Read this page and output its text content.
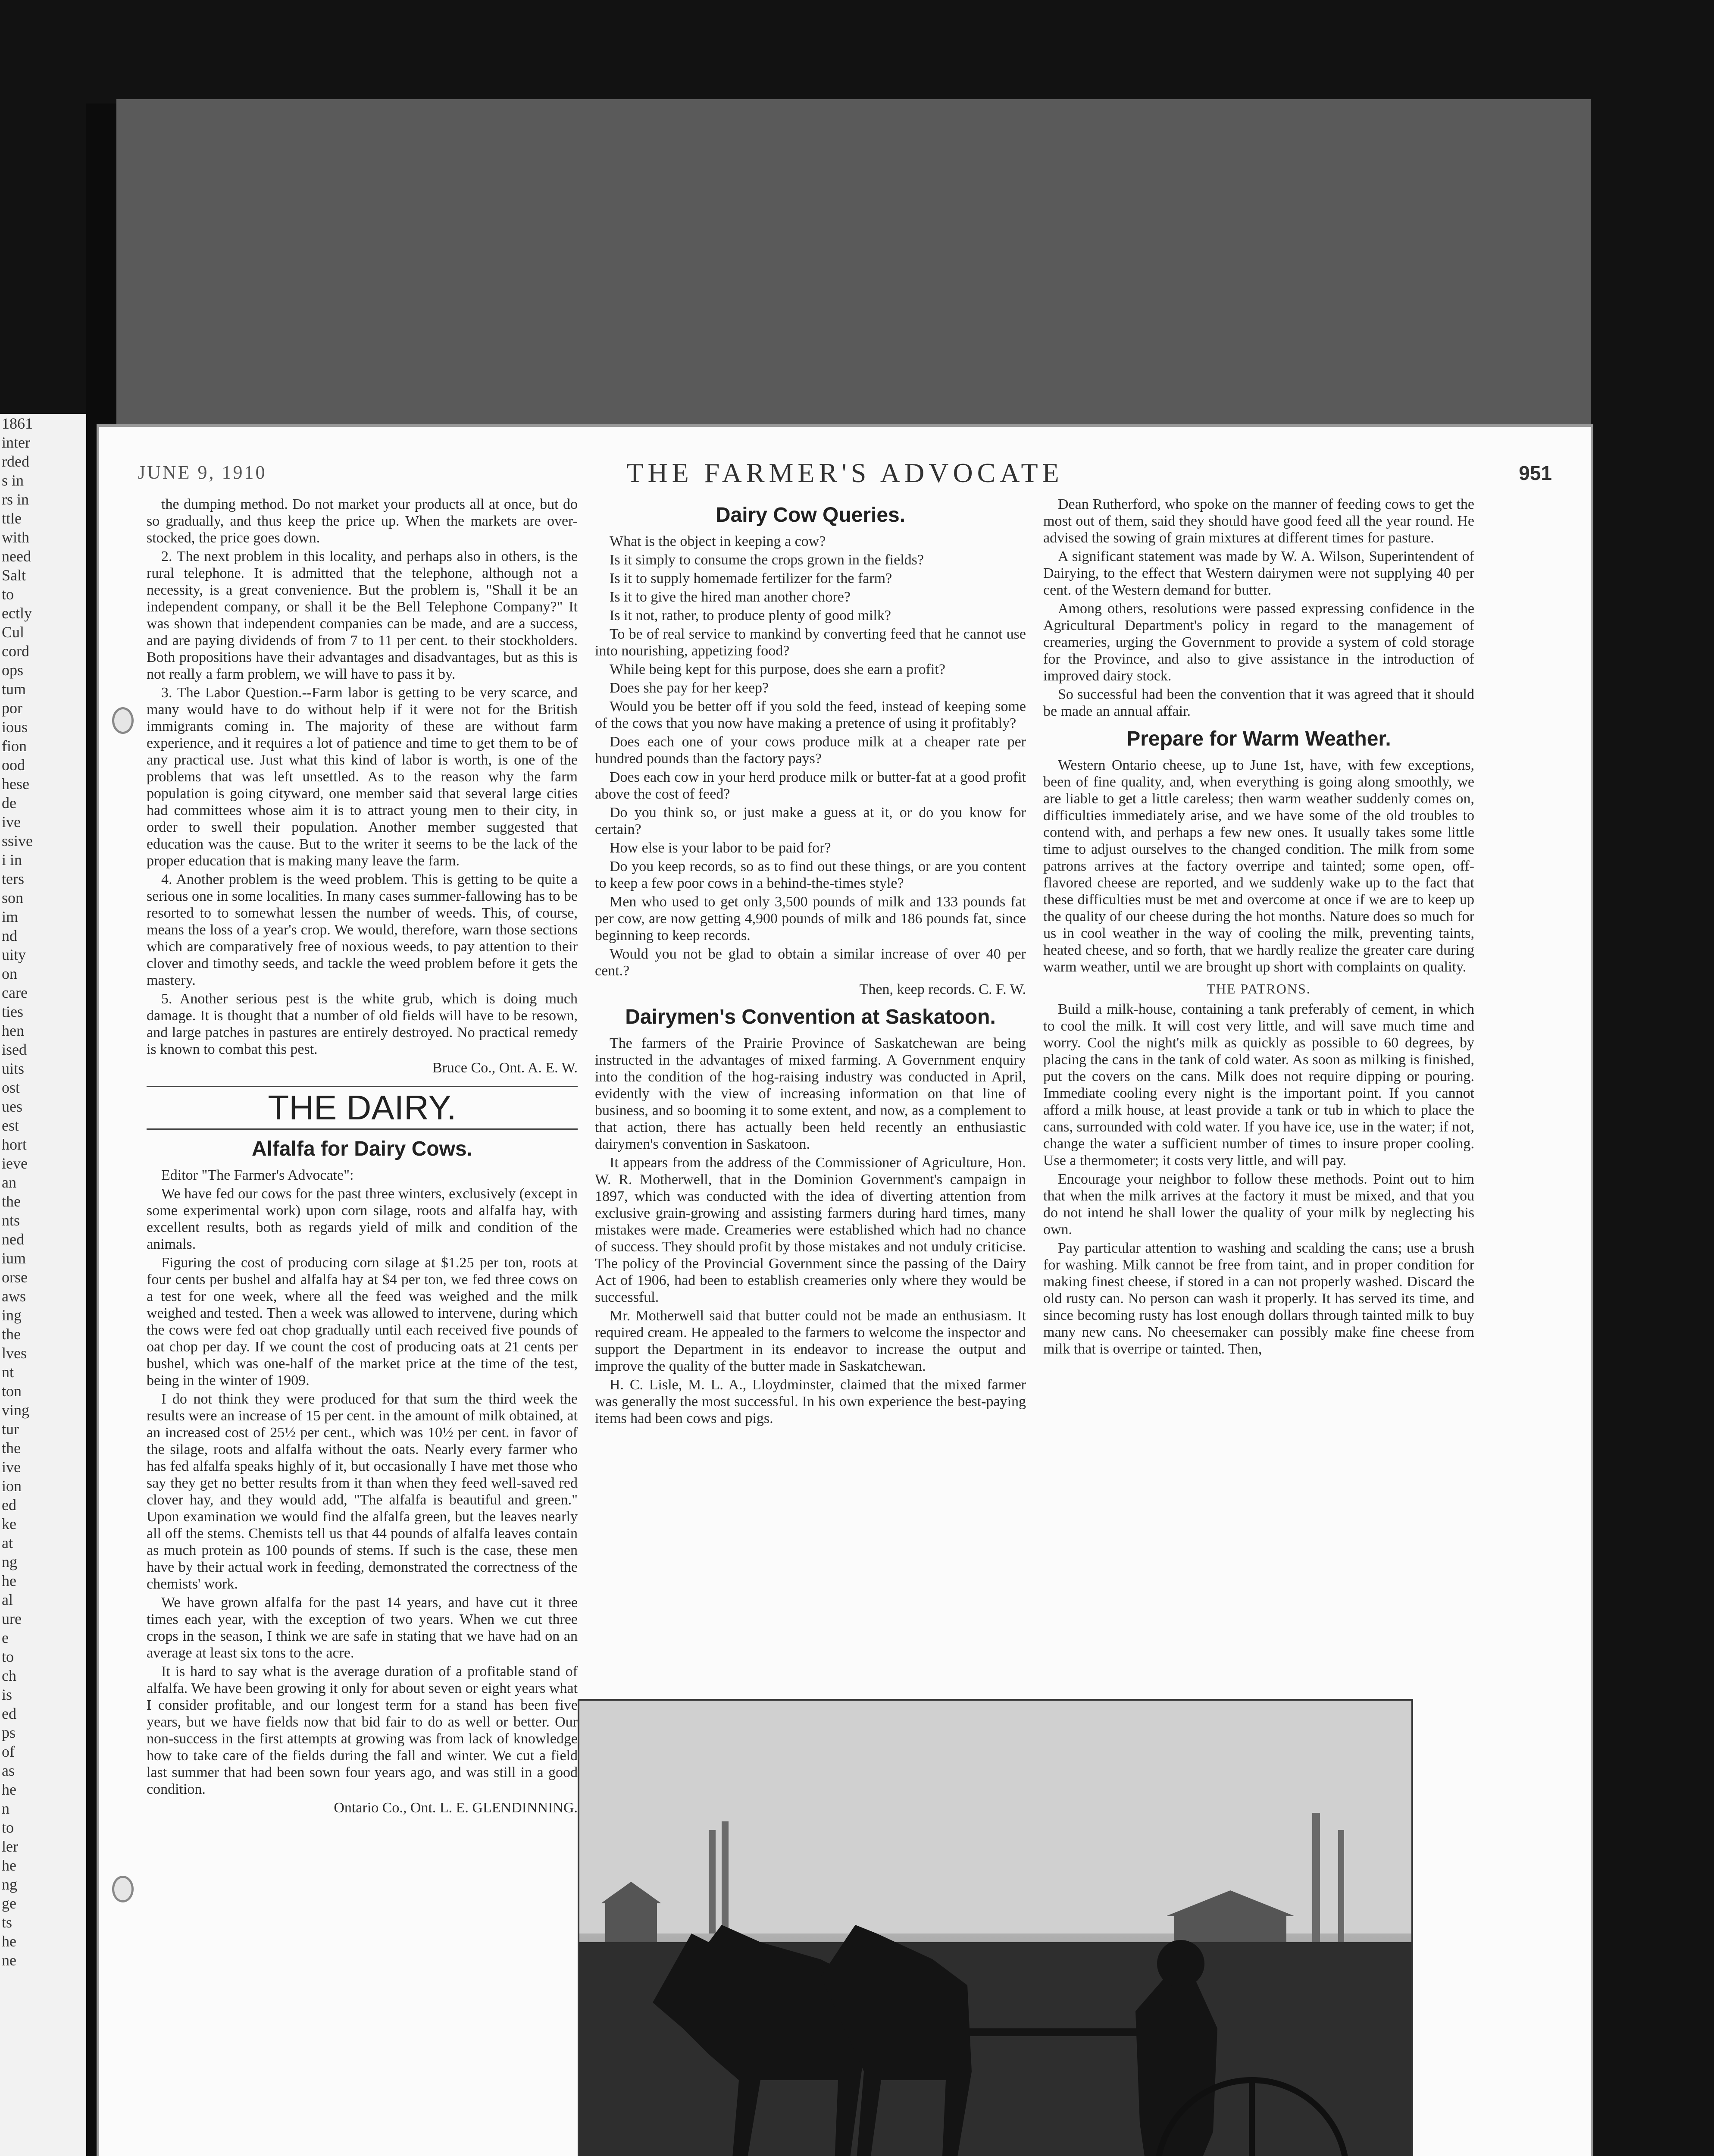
1861
inter
rded
s in
rs in
ttle
with
need
Salt
to
ectly
Cul
cord
ops
tum
por
ious
fion
ood
hese
de
ive
ssive
i in
ters
son
im
nd
uity
on
care
ties
hen
ised
uits
ost
ues
est
hort
ieve
an
the
nts
ned
ium
orse
aws
ing
the
lves
nt
ton
ving
tur
the
ive
ion
ed
ke
at
ng
he
al
ure
e
to
ch
is
ed
ps
of
as
he
n
to
ler
he
ng
ge
ts
he
ne
JUNE 9, 1910	THE FARMER'S ADVOCATE	951

the dumping method. Do not market your products all at once, but do so gradually, and thus keep the price up. When the markets are over-stocked, the price goes down.

2. The next problem in this locality, and perhaps also in others, is the rural telephone. It is admitted that the telephone, although not a necessity, is a great convenience. But the problem is, "Shall it be an independent company, or shall it be the Bell Telephone Company?" It was shown that independent companies can be made, and are a success, and are paying dividends of from 7 to 11 per cent. to their stockholders. Both propositions have their advantages and disadvantages, but as this is not really a farm problem, we will have to pass it by.

3. The Labor Question.--Farm labor is getting to be very scarce, and many would have to do without help if it were not for the British immigrants coming in. The majority of these are without farm experience, and it requires a lot of patience and time to get them to be of any practical use. Just what this kind of labor is worth, is one of the problems that was left unsettled. As to the reason why the farm population is going cityward, one member said that several large cities had committees whose aim it is to attract young men to their city, in order to swell their population. Another member suggested that education was the cause. But to the writer it seems to be the lack of the proper education that is making many leave the farm.

4. Another problem is the weed problem. This is getting to be quite a serious one in some localities. In many cases summer-fallowing has to be resorted to to somewhat lessen the number of weeds. This, of course, means the loss of a year's crop. We would, therefore, warn those sections which are comparatively free of noxious weeds, to pay attention to their clover and timothy seeds, and tackle the weed problem before it gets the mastery.

5. Another serious pest is the white grub, which is doing much damage. It is thought that a number of old fields will have to be resown, and large patches in pastures are entirely destroyed. No practical remedy is known to combat this pest.

Bruce Co., Ont. A. E. W.
THE DAIRY.
Alfalfa for Dairy Cows.

Editor "The Farmer's Advocate":

We have fed our cows for the past three winters, exclusively (except in some experimental work) upon corn silage, roots and alfalfa hay, with excellent results, both as regards yield of milk and condition of the animals.

Figuring the cost of producing corn silage at $1.25 per ton, roots at four cents per bushel and alfalfa hay at $4 per ton, we fed three cows on a test for one week, where all the feed was weighed and the milk weighed and tested. Then a week was allowed to intervene, during which the cows were fed oat chop gradually until each received five pounds of oat chop per day. If we count the cost of producing oats at 21 cents per bushel, which was one-half of the market price at the time of the test, being in the winter of 1909.

I do not think they were produced for that sum the third week the results were an increase of 15 per cent. in the amount of milk obtained, at an increased cost of 25½ per cent., which was 10½ per cent. in favor of the silage, roots and alfalfa without the oats. Nearly every farmer who has fed alfalfa speaks highly of it, but occasionally I have met those who say they get no better results from it than when they feed well-saved red clover hay, and they would add, "The alfalfa is beautiful and green." Upon examination we would find the alfalfa green, but the leaves nearly all off the stems. Chemists tell us that 44 pounds of alfalfa leaves contain as much protein as 100 pounds of stems. If such is the case, these men have by their actual work in feeding, demonstrated the correctness of the chemists' work.

We have grown alfalfa for the past 14 years, and have cut it three times each year, with the exception of two years. When we cut three crops in the season, I think we are safe in stating that we have had on an average at least six tons to the acre.

It is hard to say what is the average duration of a profitable stand of alfalfa. We have been growing it only for about seven or eight years what I consider profitable, and our longest term for a stand has been five years, but we have fields now that bid fair to do as well or better. Our non-success in the first attempts at growing was from lack of knowledge how to take care of the fields during the fall and winter. We cut a field last summer that had been sown four years ago, and was still in a good condition.

Ontario Co., Ont. L. E. GLENDINNING.
Dairy Cow Queries.

What is the object in keeping a cow?

Is it simply to consume the crops grown in the fields?

Is it to supply homemade fertilizer for the farm?

Is it to give the hired man another chore?

Is it not, rather, to produce plenty of good milk?

To be of real service to mankind by converting feed that he cannot use into nourishing, appetizing food?

While being kept for this purpose, does she earn a profit?

Does she pay for her keep?

Would you be better off if you sold the feed, instead of keeping some of the cows that you now have making a pretence of using it profitably?

Does each one of your cows produce milk at a cheaper rate per hundred pounds than the factory pays?

Does each cow in your herd produce milk or butter-fat at a good profit above the cost of feed?

Do you think so, or just make a guess at it, or do you know for certain?

How else is your labor to be paid for?

Do you keep records, so as to find out these things, or are you content to keep a few poor cows in a behind-the-times style?

Men who used to get only 3,500 pounds of milk and 133 pounds fat per cow, are now getting 4,900 pounds of milk and 186 pounds fat, since beginning to keep records.

Would you not be glad to obtain a similar increase of over 40 per cent.?

Then, keep records. C. F. W.
Dairymen's Convention at Saskatoon.

The farmers of the Prairie Province of Saskatchewan are being instructed in the advantages of mixed farming. A Government enquiry into the condition of the hog-raising industry was conducted in April, evidently with the view of increasing information on that line of business, and so booming it to some extent, and now, as a complement to that action, there has actually been held recently an enthusiastic dairymen's convention in Saskatoon.

It appears from the address of the Commissioner of Agriculture, Hon. W. R. Motherwell, that in the Dominion Government's campaign in 1897, which was conducted with the idea of diverting attention from exclusive grain-growing and assisting farmers during hard times, many mistakes were made. Creameries were established which had no chance of success. They should profit by those mistakes and not unduly criticise. The policy of the Provincial Government since the passing of the Dairy Act of 1906, had been to establish creameries only where they would be successful.

Mr. Motherwell said that butter could not be made an enthusiasm. It required cream. He appealed to the farmers to welcome the inspector and support the Department in its endeavor to increase the output and improve the quality of the butter made in Saskatchewan.

H. C. Lisle, M. L. A., Lloydminster, claimed that the mixed farmer was generally the most successful. In his own experience the best-paying items had been cows and pigs.

Dean Rutherford, who spoke on the manner of feeding cows to get the most out of them, said they should have good feed all the year round. He advised the sowing of grain mixtures at different times for pasture.

A significant statement was made by W. A. Wilson, Superintendent of Dairying, to the effect that Western dairymen were not supplying 40 per cent. of the Western demand for butter.

Among others, resolutions were passed expressing confidence in the Agricultural Department's policy in regard to the management of creameries, urging the Government to provide a system of cold storage for the Province, and also to give assistance in the introduction of improved dairy stock.

So successful had been the convention that it was agreed that it should be made an annual affair.

Prepare for Warm Weather.

Western Ontario cheese, up to June 1st, have, with few exceptions, been of fine quality, and, when everything is going along smoothly, we are liable to get a little careless; then warm weather suddenly comes on, difficulties immediately arise, and we have some of the old troubles to contend with, and perhaps a few new ones. It usually takes some little time to adjust ourselves to the changed condition. The milk from some patrons arrives at the factory overripe and tainted; some open, off-flavored cheese are reported, and we suddenly wake up to the fact that these difficulties must be met and overcome at once if we are to keep up the quality of our cheese during the hot months. Nature does so much for us in cool weather in the way of cooling the milk, preventing taints, heated cheese, and so forth, that we hardly realize the greater care during warm weather, until we are brought up short with complaints on quality.

THE PATRONS.

Build a milk-house, containing a tank preferably of cement, in which to cool the milk. It will cost very little, and will save much time and worry. Cool the night's milk as quickly as possible to 60 degrees, by placing the cans in the tank of cold water. As soon as milking is finished, put the covers on the cans. Milk does not require dipping or pouring. Immediate cooling every night is the important point. If you cannot afford a milk house, at least provide a tank or tub in which to place the cans, surrounded with cold water. If you have ice, use in the water; if not, change the water a sufficient number of times to insure proper cooling. Use a thermometer; it costs very little, and will pay.

Encourage your neighbor to follow these methods. Point out to him that when the milk arrives at the factory it must be mixed, and that you do not intend he shall lower the quality of your milk by neglecting his own.

Pay particular attention to washing and scalding the cans; use a brush for washing. Milk cannot be free from taint, and in proper condition for making finest cheese, if stored in a can not properly washed. Discard the old rusty can. No person can wash it properly. It has served its time, and since becoming rusty has lost enough dollars through tainted milk to buy many new cans. No cheesemaker can possibly make fine cheese from milk that is overripe or tainted. Then,
